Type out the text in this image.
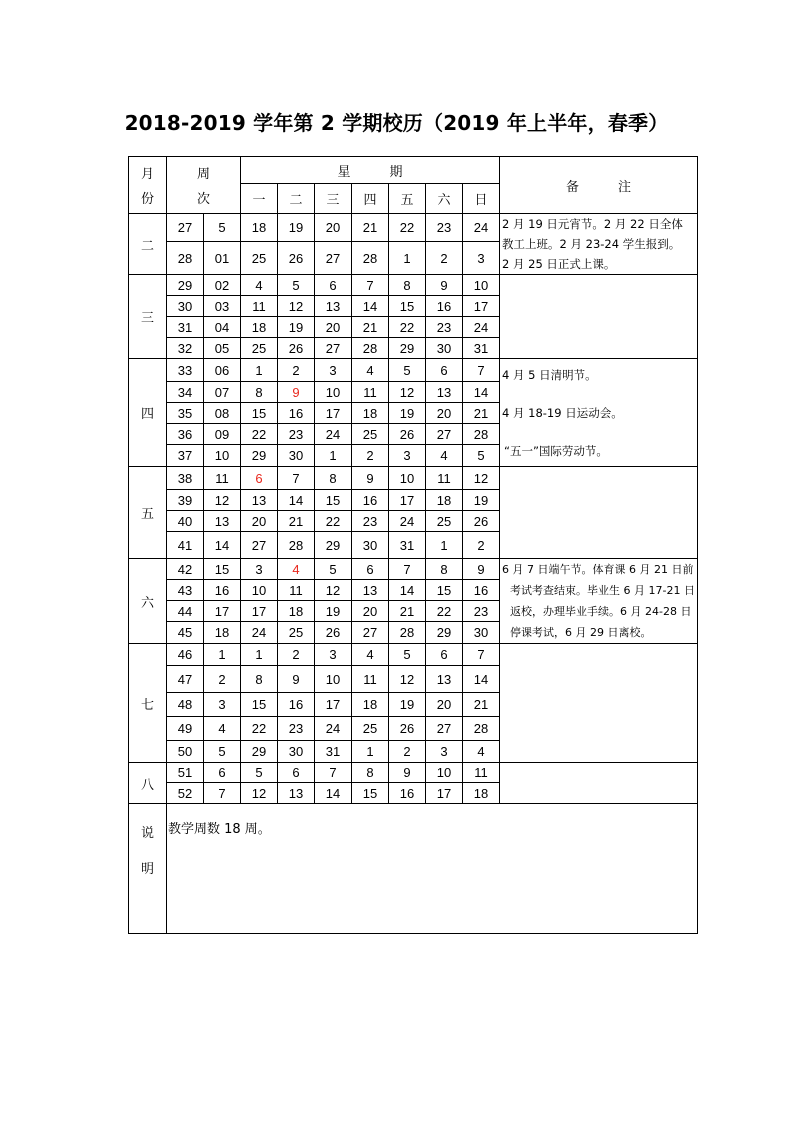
2018-2019 学年第 2 学期校历（2019 年上半年，春季）
月
份	周
次		星　　　期							备　　　注
			一	二	三	四	五	六	日	
二	27	5	18	19	20	21	22	23	24	2 月 19 日元宵节。2 月 22 日全体
教工上班。2 月 23-24 学生报到。
2 月 25 日正式上课。

	28	01	25	26	27	28	1	2	3	
三	29	02	4	5	6	7	8	9	10	
	30	03	11	12	13	14	15	16	17	
	31	04	18	19	20	21	22	23	24	
	32	05	25	26	27	28	29	30	31	
四	33	06	1	2	3	4	5	6	7	4 月 5 日清明节。
4 月 18-19 日运动会。
“五一”国际劳动节。

	34	07	8	9	10	11	12	13	14	
	35	08	15	16	17	18	19	20	21	
	36	09	22	23	24	25	26	27	28	
	37	10	29	30	1	2	3	4	5	
五	38	11	6	7	8	9	10	11	12	
	39	12	13	14	15	16	17	18	19	
	40	13	20	21	22	23	24	25	26	
	41	14	27	28	29	30	31	1	2	
六	42	15	3	4	5	6	7	8	9	6 月 7 日端午节。体育课 6 月 21 日前
考试考查结束。毕业生 6 月 17-21 日
返校，办理毕业手续。6 月 24-28 日
停课考试，6 月 29 日离校。

	43	16	10	11	12	13	14	15	16	
	44	17	17	18	19	20	21	22	23	
	45	18	24	25	26	27	28	29	30	
七	46	1	1	2	3	4	5	6	7	
	47	2	8	9	10	11	12	13	14	
	48	3	15	16	17	18	19	20	21	
	49	4	22	23	24	25	26	27	28	
	50	5	29	30	31	1	2	3	4	
八	51	6	5	6	7	8	9	10	11	
	52	7	12	13	14	15	16	17	18	

说
明	教学周数 18 周。									
